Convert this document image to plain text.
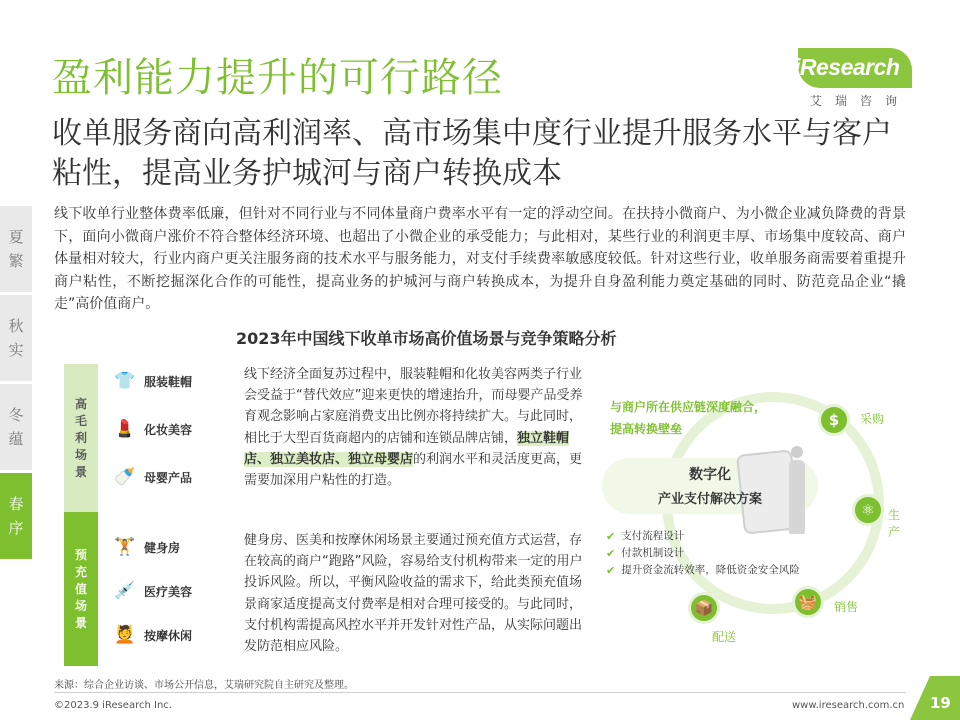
盈利能力提升的可行路径
收单服务商向高利润率、高市场集中度行业提升服务水平与客户粘性，提高业务护城河与商户转换成本
iResearch
艾瑞咨询
夏
繁
秋
实
冬
蕴
春
序
线下收单行业整体费率低廉，但针对不同行业与不同体量商户费率水平有一定的浮动空间。在扶持小微商户、为小微企业减负降费的背景下，面向小微商户涨价不符合整体经济环境、也超出了小微企业的承受能力；与此相对，某些行业的利润更丰厚、市场集中度较高、商户体量相对较大，行业内商户更关注服务商的技术水平与服务能力，对支付手续费率敏感度较低。针对这些行业，收单服务商需要着重提升商户粘性，不断挖掘深化合作的可能性，提高业务的护城河与商户转换成本，为提升自身盈利能力奠定基础的同时、防范竞品企业“撬走”高价值商户。
2023年中国线下收单市场高价值场景与竞争策略分析
高
毛
利
场
景
预
充
值
场
景
👕 服装鞋帽
💄 化妆美容
🍼 母婴产品
🏋 健身房
💉 医疗美容
💆 按摩休闲
线下经济全面复苏过程中，服装鞋帽和化妆美容两类子行业会受益于“替代效应”迎来更快的增速抬升，而母婴产品受养育观念影响占家庭消费支出比例亦将持续扩大。与此同时，相比于大型百货商超内的店铺和连锁品牌店铺，独立鞋帽店、独立美妆店、独立母婴店的利润水平和灵活度更高，更需要加深用户粘性的打造。
健身房、医美和按摩休闲场景主要通过预充值方式运营，存在较高的商户“跑路”风险，容易给支付机构带来一定的用户投诉风险。所以，平衡风险收益的需求下，给此类预充值场景商家适度提高支付费率是相对合理可接受的。与此同时，支付机构需提高风控水平并开发针对性产品，从实际问题出发防范相应风险。
与商户所在供应链深度融合，
提高转换壁垒
数字化
产业支付解决方案
✔ 支付流程设计
✔ 付款机制设计
✔ 提升资金流转效率，降低资金安全风险
$	采购
⚛	生产
🧺	销售
📦
配送
来源：综合企业访谈、市场公开信息，艾瑞研究院自主研究及整理。
©2023.9 iResearch Inc.	www.iresearch.com.cn 19
